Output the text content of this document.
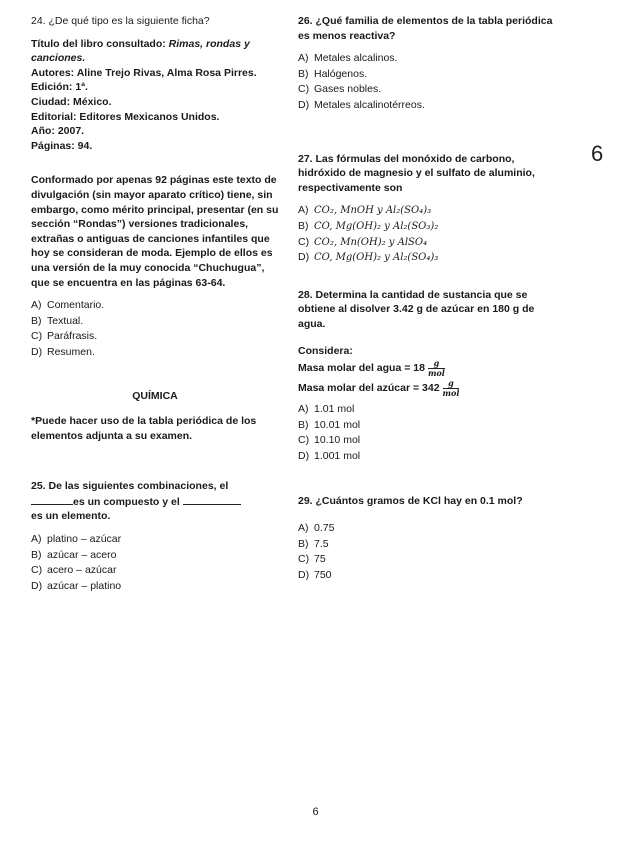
24. ¿De qué tipo es la siguiente ficha?
Título del libro consultado: Rimas, rondas y canciones.
Autores: Aline Trejo Rivas, Alma Rosa Pirres.
Edición: 1ª.
Ciudad: México.
Editorial: Editores Mexicanos Unidos.
Año: 2007.
Páginas: 94.
Conformado por apenas 92 páginas este texto de divulgación (sin mayor aparato crítico) tiene, sin embargo, como mérito principal, presentar (en su sección “Rondas”) versiones tradicionales, extrañas o antiguas de canciones infantiles que hoy se consideran de moda. Ejemplo de ellos es una versión de la muy conocida “Chuchugua”, que se encuentra en las páginas 63-64.
A) Comentario.
B) Textual.
C) Paráfrasis.
D) Resumen.
QUÍMICA
*Puede hacer uso de la tabla periódica de los elementos adjunta a su examen.
25. De las siguientes combinaciones, el
es un compuesto y el
es un elemento.
A) platino – azúcar
B) azúcar – acero
C) acero – azúcar
D) azúcar – platino
26. ¿Qué familia de elementos de la tabla periódica es menos reactiva?
A) Metales alcalinos.
B) Halógenos.
C) Gases nobles.
D) Metales alcalinotérreos.
27. Las fórmulas del monóxido de carbono, hidróxido de magnesio y el sulfato de aluminio, respectivamente son
A) CO₂, MnOH y Al₂(SO₄)₃
B) CO, Mg(OH)₂ y Al₂(SO₃)₂
C) CO₂, Mn(OH)₂ y AlSO₄
D) CO, Mg(OH)₂ y Al₂(SO₄)₃
28. Determina la cantidad de sustancia que se obtiene al disolver 3.42 g de azúcar en 180 g de agua.
Considera:
Masa molar del agua = $18 \frac{g}{\text{mol}}$
Masa molar del azúcar = $342 \frac{g}{\text{mol}}$
A) 1.01 mol
B) 10.01 mol
C) 10.10 mol
D) 1.001 mol
29. ¿Cuántos gramos de KCl hay en 0.1 mol?
A) 0.75
B) 7.5
C) 75
D) 750
6
6
